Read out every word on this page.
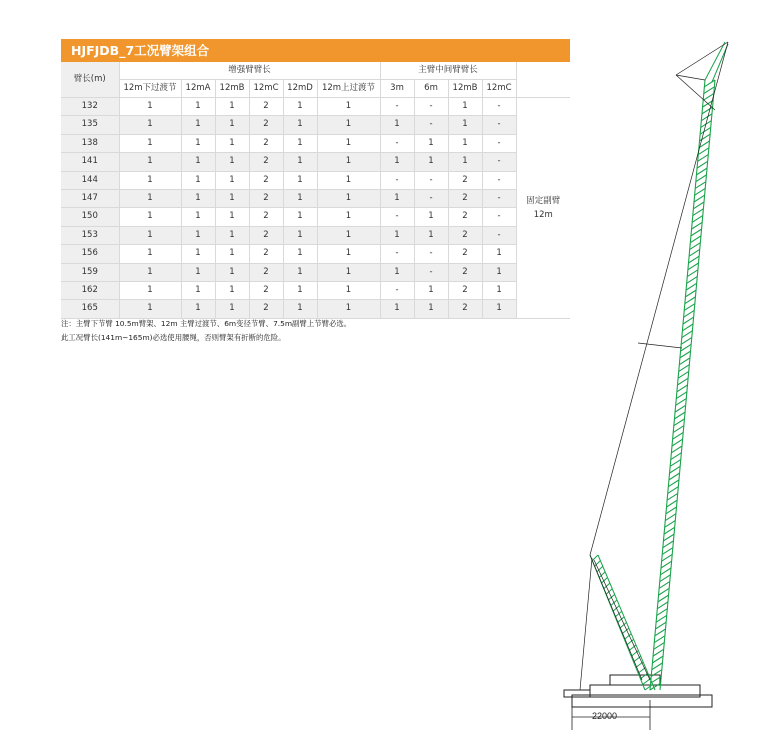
HJFJDB_7工况臂架组合
臂长(m)	增强臂臂长						主臂中间臂臂长				
	12m下过渡节	12mA	12mB	12mC	12mD	12m上过渡节	3m	6m	12mB	12mC	
132	1	1	1	2	1	1	-	-	1	-	固定副臂
12m

135	1	1	1	2	1	1	1	-	1	-	
138	1	1	1	2	1	1	-	1	1	-	
141	1	1	1	2	1	1	1	1	1	-	
144	1	1	1	2	1	1	-	-	2	-	
147	1	1	1	2	1	1	1	-	2	-	
150	1	1	1	2	1	1	-	1	2	-	
153	1	1	1	2	1	1	1	1	2	-	
156	1	1	1	2	1	1	-	-	2	1	
159	1	1	1	2	1	1	1	-	2	1	
162	1	1	1	2	1	1	-	1	2	1	
165	1	1	1	2	1	1	1	1	2	1	
注：主臂下节臂 10.5m臂架、12m 主臂过渡节、6m变径节臂、7.5m副臂上节臂必选。
此工况臂长(141m~165m)必选使用腰绳，否则臂架有折断的危险。
22000
